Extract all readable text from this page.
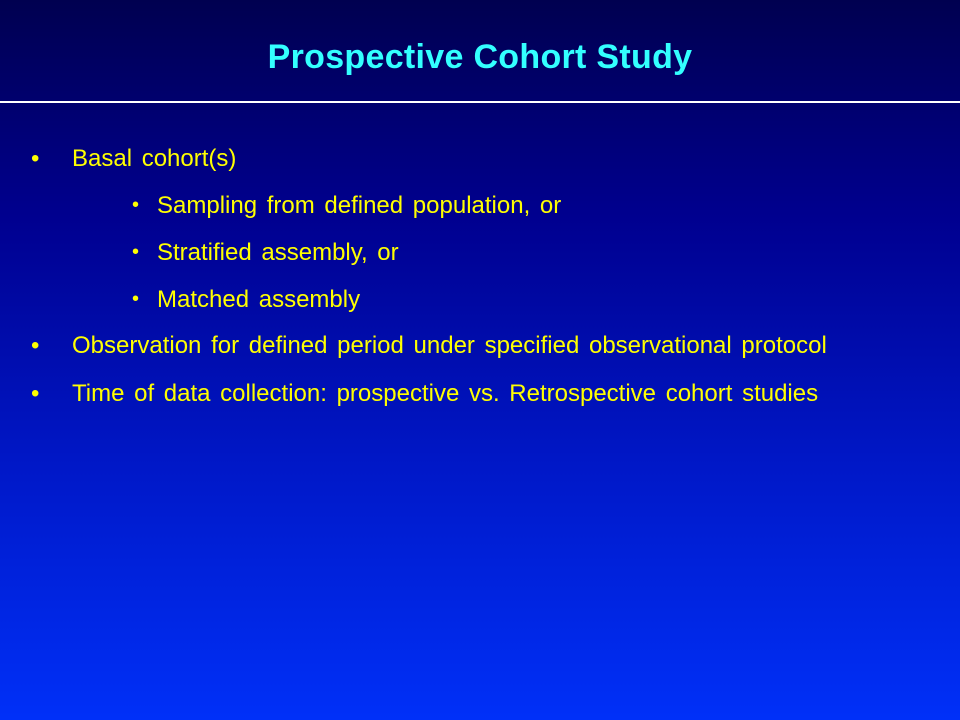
Prospective Cohort Study
• Basal cohort(s)
• Sampling from defined population, or
• Stratified assembly, or
• Matched assembly
• Observation for defined period under specified observational protocol
• Time of data collection: prospective vs. Retrospective cohort studies
